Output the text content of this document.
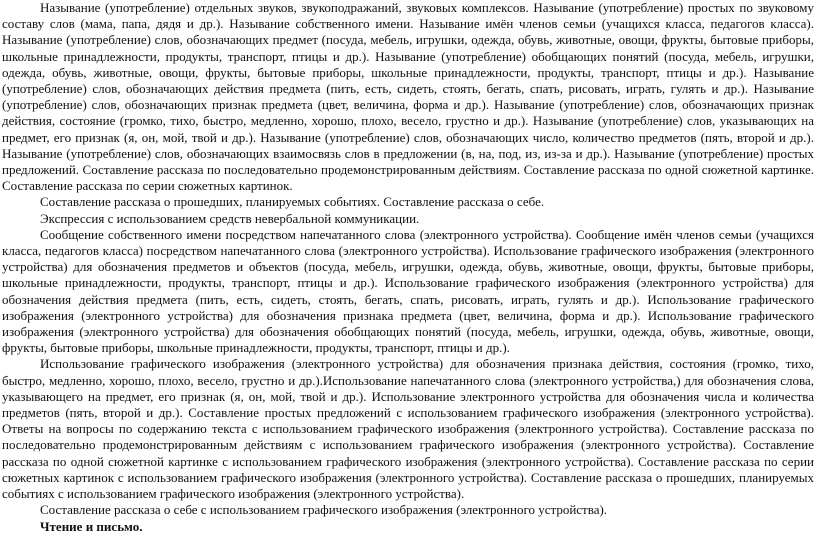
Называние (употребление) отдельных звуков, звукоподражаний, звуковых комплексов. Называние (употребление) простых по звуковому составу слов (мама, папа, дядя и др.). Называние собственного имени. Называние имён членов семьи (учащихся класса, педагогов класса). Называние (употребление) слов, обозначающих предмет (посуда, мебель, игрушки, одежда, обувь, животные, овощи, фрукты, бытовые приборы, школьные принадлежности, продукты, транспорт, птицы и др.). Называние (употребление) обобщающих понятий (посуда, мебель, игрушки, одежда, обувь, животные, овощи, фрукты, бытовые приборы, школьные принадлежности, продукты, транспорт, птицы и др.). Называние (употребление) слов, обозначающих действия предмета (пить, есть, сидеть, стоять, бегать, спать, рисовать, играть, гулять и др.). Называние (употребление) слов, обозначающих признак предмета (цвет, величина, форма и др.). Называние (употребление) слов, обозначающих признак действия, состояние (громко, тихо, быстро, медленно, хорошо, плохо, весело, грустно и др.). Называние (употребление) слов, указывающих на предмет, его признак (я, он, мой, твой и др.). Называние (употребление) слов, обозначающих число, количество предметов (пять, второй и др.). Называние (употребление) слов, обозначающих взаимосвязь слов в предложении (в, на, под, из, из-за и др.). Называние (употребление) простых предложений. Составление рассказа по последовательно продемонстрированным действиям. Составление рассказа по одной сюжетной картинке. Составление рассказа по серии сюжетных картинок.

Составление рассказа о прошедших, планируемых событиях. Составление рассказа о себе.

Экспрессия с использованием средств невербальной коммуникации.

Сообщение собственного имени посредством напечатанного слова (электронного устройства). Сообщение имён членов семьи (учащихся класса, педагогов класса) посредством напечатанного слова (электронного устройства). Использование графического изображения (электронного устройства) для обозначения предметов и объектов (посуда, мебель, игрушки, одежда, обувь, животные, овощи, фрукты, бытовые приборы, школьные принадлежности, продукты, транспорт, птицы и др.). Использование графического изображения (электронного устройства) для обозначения действия предмета (пить, есть, сидеть, стоять, бегать, спать, рисовать, играть, гулять и др.). Использование графического изображения (электронного устройства) для обозначения признака предмета (цвет, величина, форма и др.). Использование графического изображения (электронного устройства) для обозначения обобщающих понятий (посуда, мебель, игрушки, одежда, обувь, животные, овощи, фрукты, бытовые приборы, школьные принадлежности, продукты, транспорт, птицы и др.).

Использование графического изображения (электронного устройства) для обозначения признака действия, состояния (громко, тихо, быстро, медленно, хорошо, плохо, весело, грустно и др.).Использование напечатанного слова (электронного устройства,) для обозначения слова, указывающего на предмет, его признак (я, он, мой, твой и др.). Использование электронного устройства для обозначения числа и количества предметов (пять, второй и др.). Составление простых предложений с использованием графического изображения (электронного устройства). Ответы на вопросы по содержанию текста с использованием графического изображения (электронного устройства). Составление рассказа по последовательно продемонстрированным действиям с использованием графического изображения (электронного устройства). Составление рассказа по одной сюжетной картинке с использованием графического изображения (электронного устройства). Составление рассказа по серии сюжетных картинок с использованием графического изображения (электронного устройства). Составление рассказа о прошедших, планируемых событиях с использованием графического изображения (электронного устройства).

Составление рассказа о себе с использованием графического изображения (электронного устройства).

Чтение и письмо.
